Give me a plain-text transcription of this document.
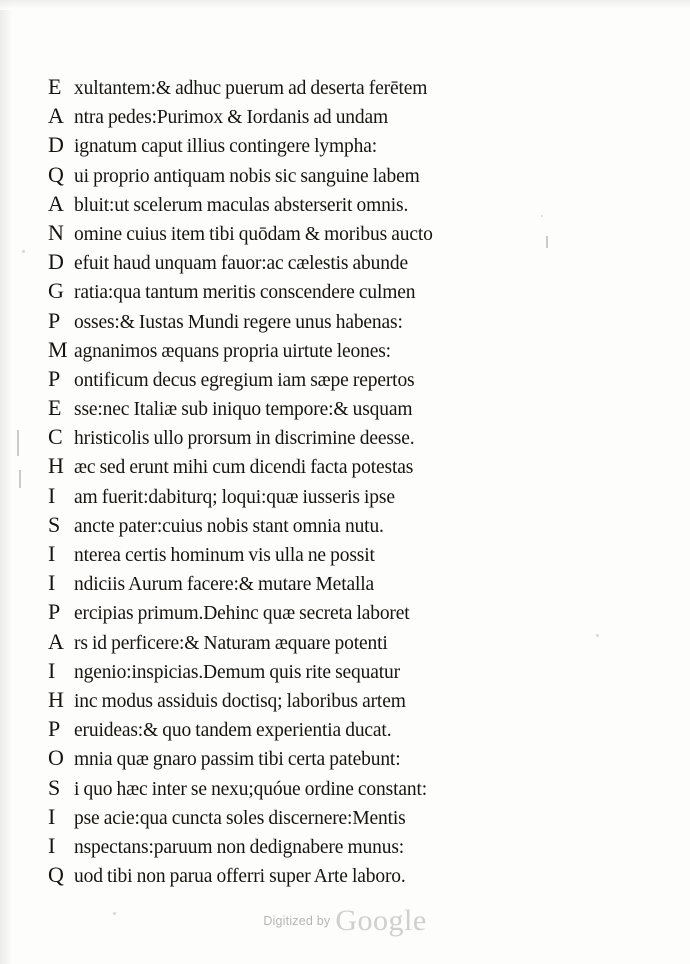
E xultantem:& adhuc puerum ad deserta ferētem
A ntra pedes:Purimox & Iordanis ad undam
D ignatum caput illius contingere lympha:
Q ui proprio antiquam nobis sic sanguine labem
A bluit:ut scelerum maculas absterserit omnis.
N omine cuius item tibi quōdam & moribus aucto
D efuit haud unquam fauor:ac cælestis abunde
G ratia:qua tantum meritis conscendere culmen
P osses:& Iustas Mundi regere unus habenas:
M agnanimos æquans propria uirtute leones:
P ontificum decus egregium iam sæpe repertos
E sse:nec Italiæ sub iniquo tempore:& usquam
C hristicolis ullo prorsum in discrimine deesse.
H æc sed erunt mihi cum dicendi facta potestas
I am fuerit:dabiturq; loqui:quæ iusseris ipse
S ancte pater:cuius nobis stant omnia nutu.
I nterea certis hominum vis ulla ne possit
I ndiciis Aurum facere:& mutare Metalla
P ercipias primum.Dehinc quæ secreta laboret
A rs id perficere:& Naturam æquare potenti
I ngenio:inspicias.Demum quis rite sequatur
H inc modus assiduis doctisq; laboribus artem
P eruideas:& quo tandem experientia ducat.
O mnia quæ gnaro passim tibi certa patebunt:
S i quo hæc inter se nexu;quóue ordine constant:
I pse acie:qua cuncta soles discernere:Mentis
I nspectans:paruum non dedignabere munus:
Q uod tibi non parua offerri super Arte laboro.
Digitized by Google
